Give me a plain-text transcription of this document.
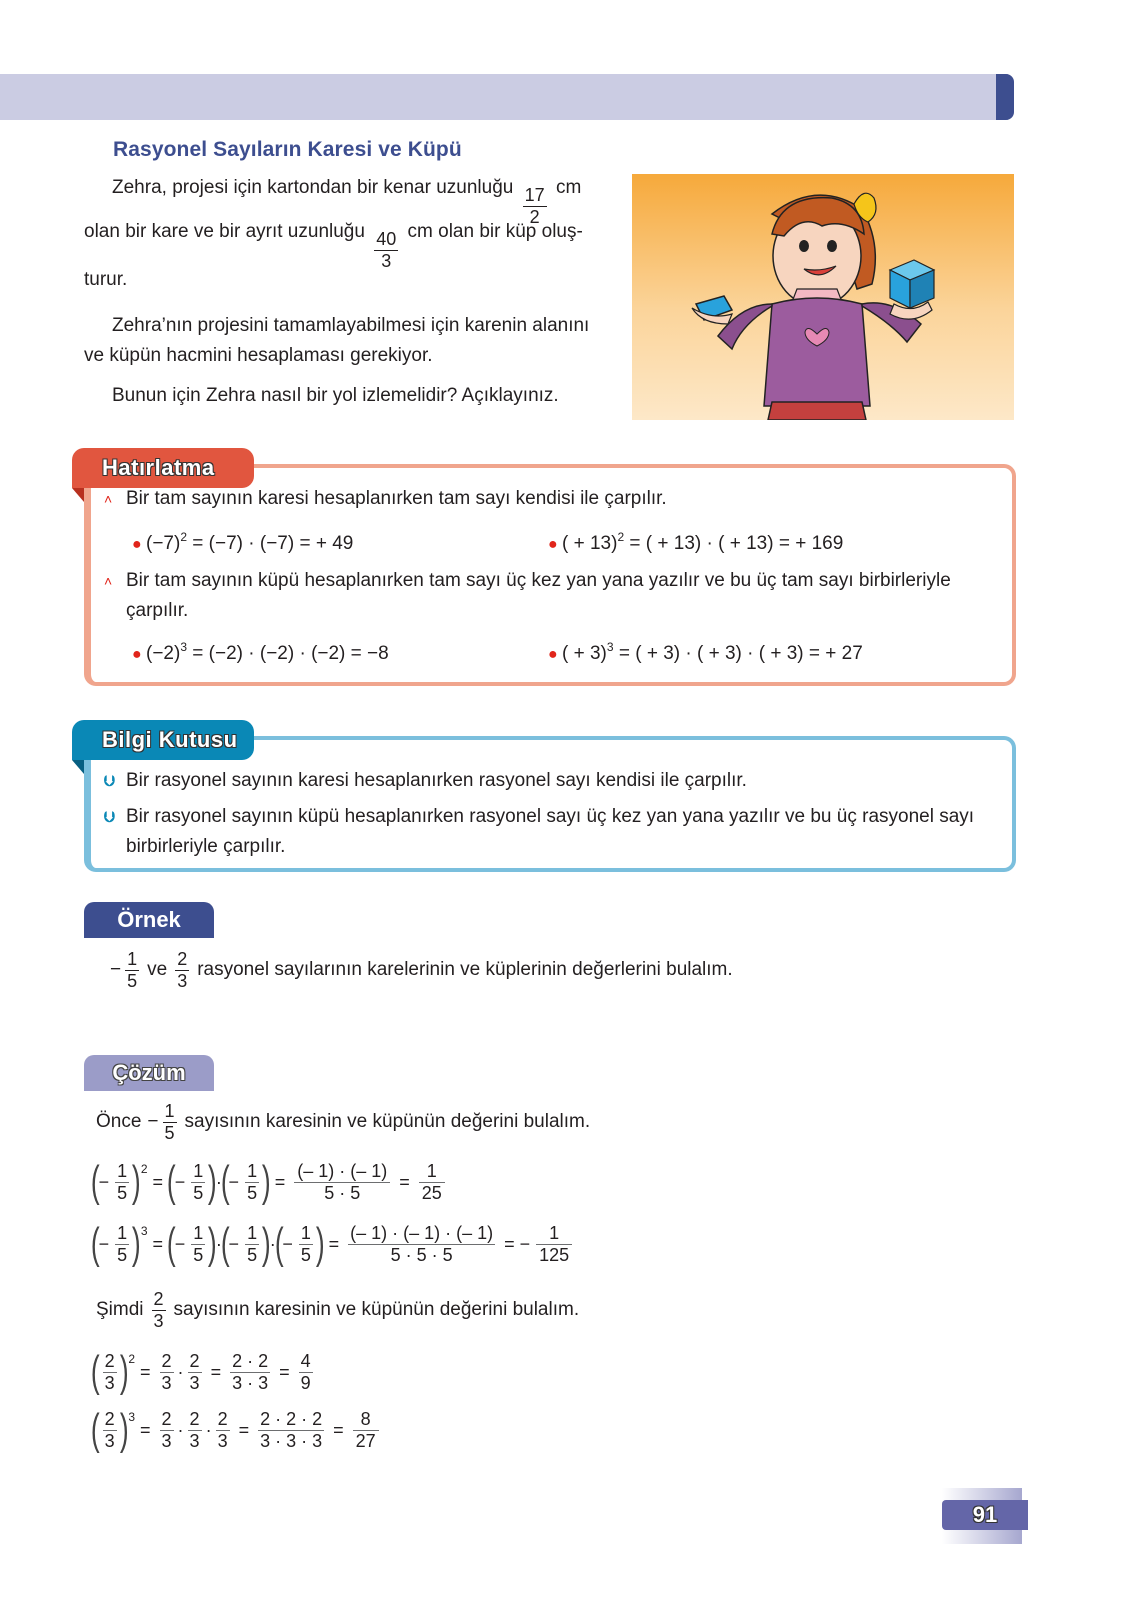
Rasyonel Sayıların Karesi ve Küpü
Zehra, projesi için kartondan bir kenar uzunluğu $\frac{17}{2}$ cm
olan bir kare ve bir ayrıt uzunluğu $\frac{40}{3}$ cm olan bir küp oluş-
turur.
Zehra’nın projesini tamamlayabilmesi için karenin alanını
ve küpün hacmini hesaplaması gerekiyor.
Bunun için Zehra nasıl bir yol izlemelidir? Açıklayınız.
Hatırlatma
˄ Bir tam sayının karesi hesaplanırken tam sayı kendisi ile çarpılır.
● $(-7)^2 = (-7) \cdot (-7)$ = + 49	● ( + 13)$^2$ = ( + 13) · ( + 13) = + 169
˄ Bir tam sayının küpü hesaplanırken tam sayı üç kez yan yana yazılır ve bu üç tam sayı birbirleriyle
çarpılır.
● $(-2)^3 = (-2) \cdot (-2) \cdot (-2) = -8$	● ( + 3)$^3$ = ( + 3) · ( + 3) · ( + 3) = + 27
Bilgi Kutusu
⮋ Bir rasyonel sayının karesi hesaplanırken rasyonel sayı kendisi ile çarpılır.
⮋ Bir rasyonel sayının küpü hesaplanırken rasyonel sayı üç kez yan yana yazılır ve bu üç rasyonel sayı
birbirleriyle çarpılır.
Örnek
− $\frac{1}{5}$ ve $\frac{2}{3}$ rasyonel sayılarının karelerinin ve küplerinin değerlerini bulalım.
Çözüm
Önce − $\frac{1}{5}$ sayısının karesinin ve küpünün değerini bulalım.
(
− $\frac{1}{5}$ ) 2
= (
− $\frac{1}{5}$ )
·
(
− $\frac{1}{5}$ ) = $\frac{(- 1) \cdot (- 1)}{5 \cdot 5} = \frac{1}{25}$
(
− $\frac{1}{5}$ ) 3
= (
− $\frac{1}{5}$ )
·
(
− $\frac{1}{5}$ )
·
(
− $\frac{1}{5}$ ) = $\frac{(- 1) \cdot (- 1) \cdot (- 1)}{5 \cdot 5 \cdot 5}$ = − $\frac{1}{125}$
Şimdi $\frac{2}{3}$ sayısının karesinin ve küpünün değerini bulalım.
( $\frac{2}{3}$ ) 2
= $\frac{2}{3} \cdot \frac{2}{3} = \frac{2 \cdot 2}{3 \cdot 3} = \frac{4}{9}$
( $\frac{2}{3}$ ) 3
= $\frac{2}{3} \cdot \frac{2}{3} \cdot \frac{2}{3} = \frac{2 \cdot 2 \cdot 2}{3 \cdot 3 \cdot 3} = \frac{8}{27}$
91
